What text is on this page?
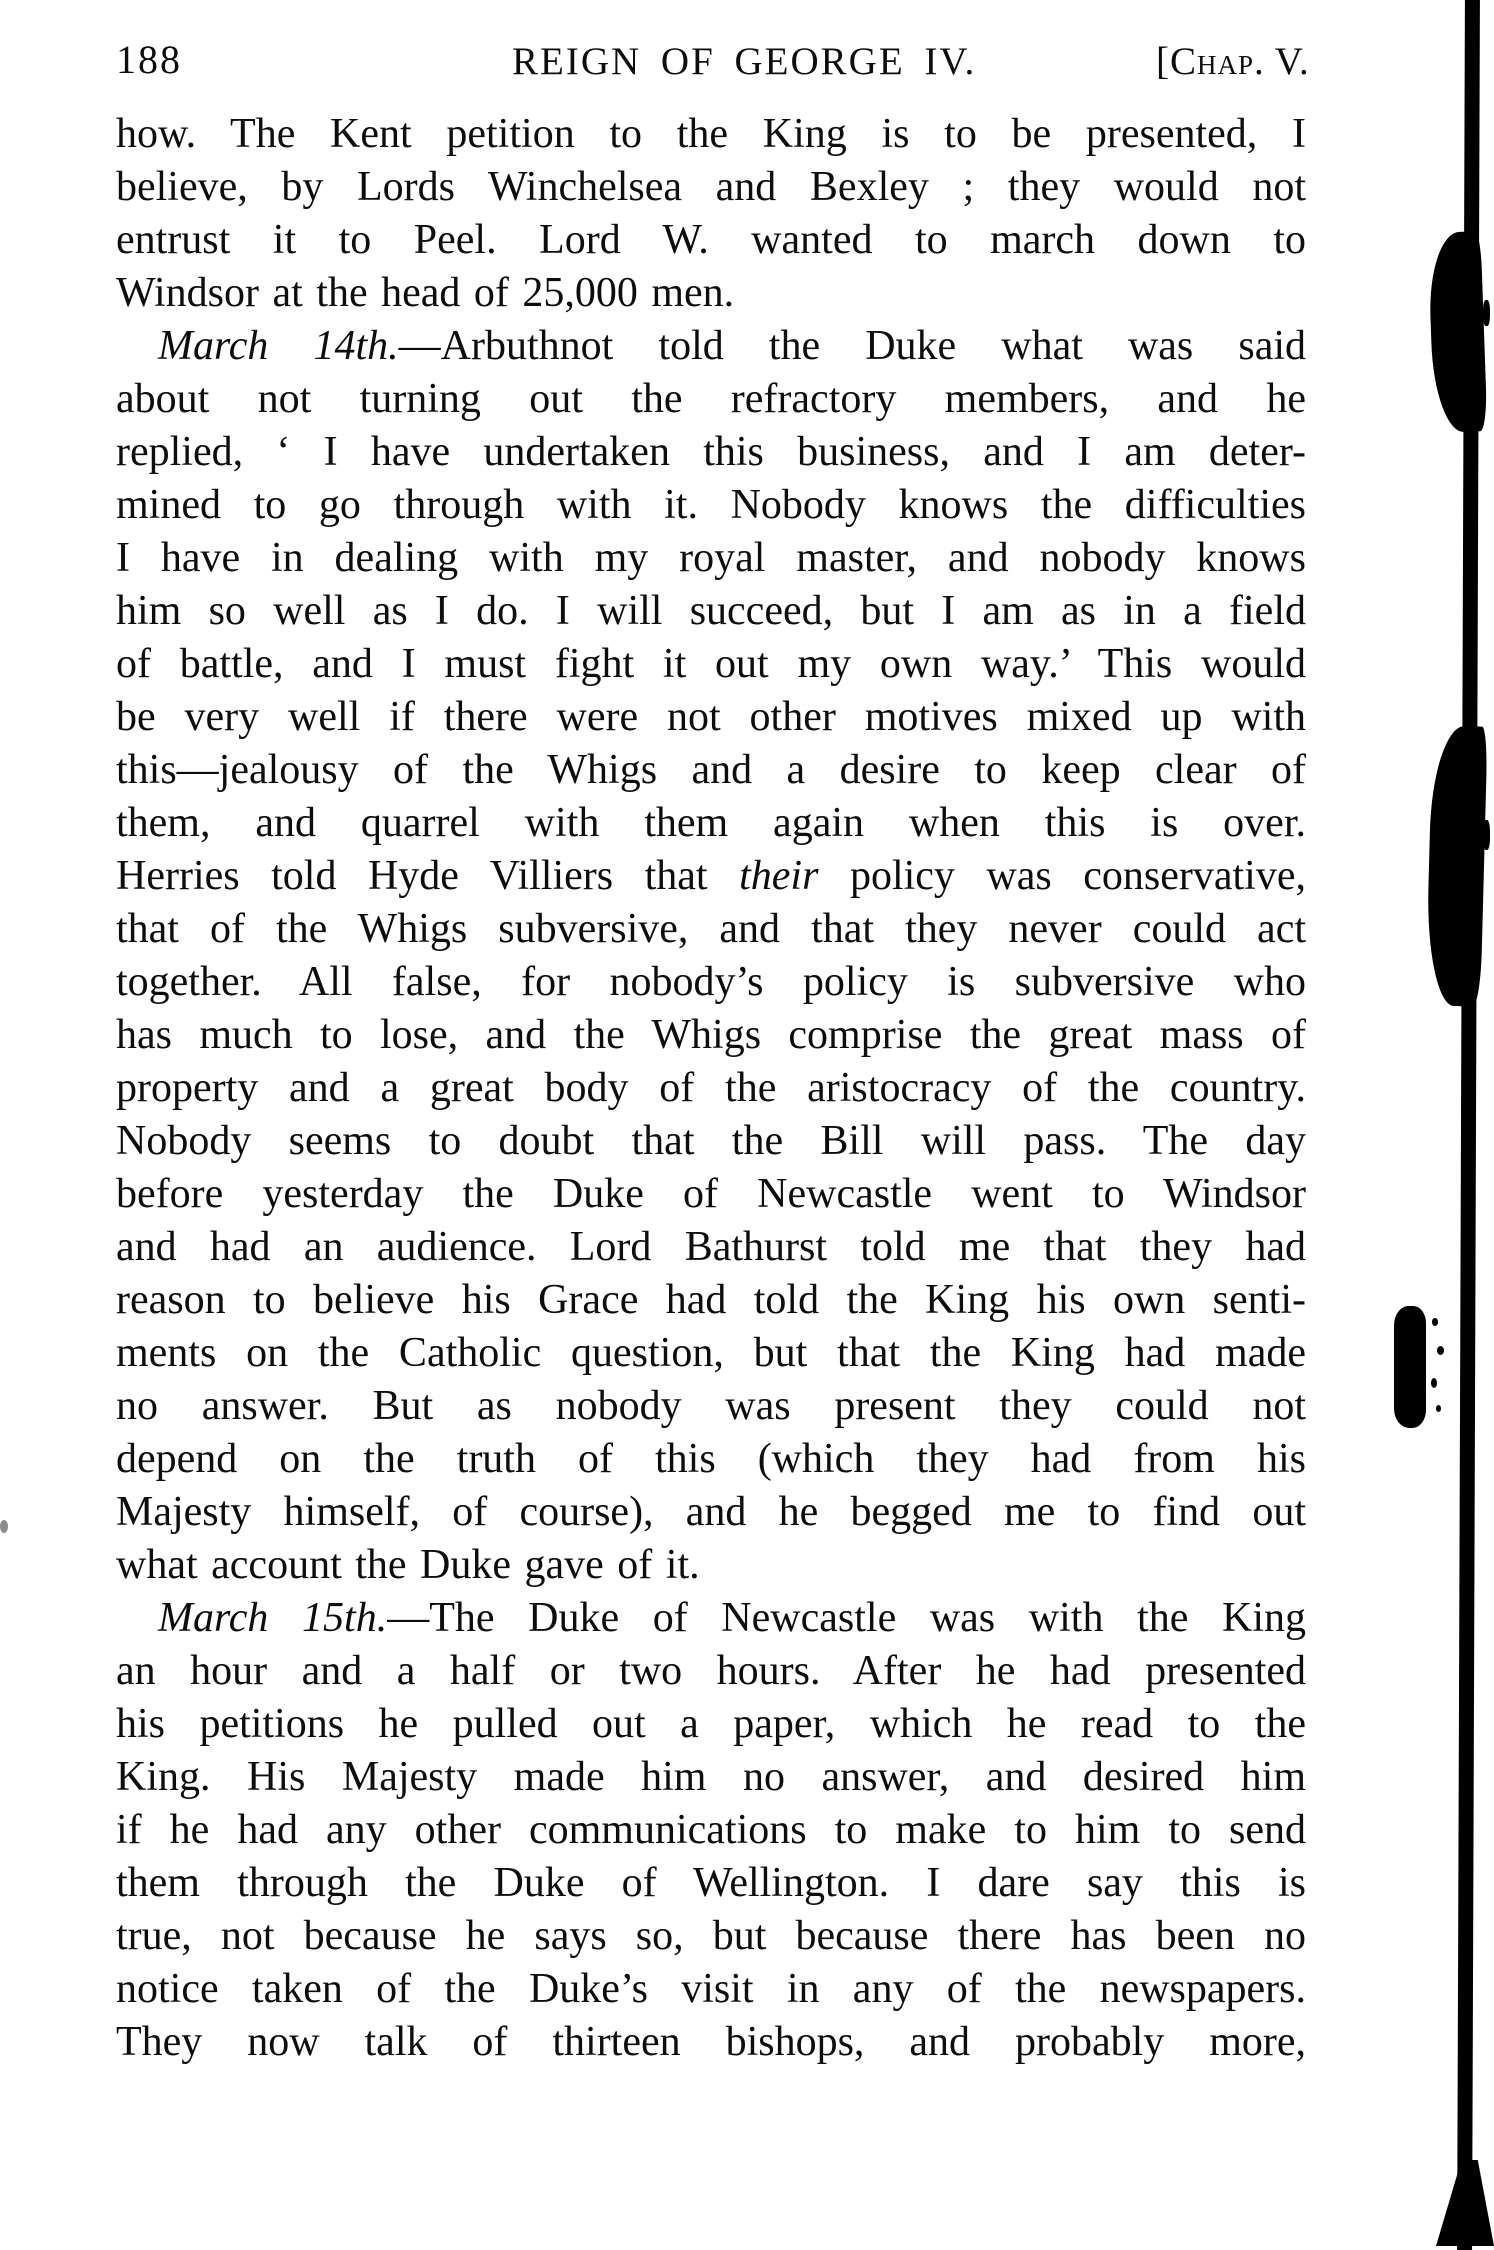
188	REIGN OF GEORGE IV.	[Chap. V.
how. The Kent petition to the King is to be presented, I
believe, by Lords Winchelsea and Bexley ; they would not
entrust it to Peel. Lord W. wanted to march down to
Windsor at the head of 25,000 men.
March 14th.—Arbuthnot told the Duke what was said
about not turning out the refractory members, and he
replied, ‘ I have undertaken this business, and I am deter-
mined to go through with it. Nobody knows the difficulties
I have in dealing with my royal master, and nobody knows
him so well as I do. I will succeed, but I am as in a field
of battle, and I must fight it out my own way.’ This would
be very well if there were not other motives mixed up with
this—jealousy of the Whigs and a desire to keep clear of
them, and quarrel with them again when this is over.
Herries told Hyde Villiers that their policy was conservative,
that of the Whigs subversive, and that they never could act
together. All false, for nobody’s policy is subversive who
has much to lose, and the Whigs comprise the great mass of
property and a great body of the aristocracy of the country.
Nobody seems to doubt that the Bill will pass. The day
before yesterday the Duke of Newcastle went to Windsor
and had an audience. Lord Bathurst told me that they had
reason to believe his Grace had told the King his own senti-
ments on the Catholic question, but that the King had made
no answer. But as nobody was present they could not
depend on the truth of this (which they had from his
Majesty himself, of course), and he begged me to find out
what account the Duke gave of it.
March 15th.—The Duke of Newcastle was with the King
an hour and a half or two hours. After he had presented
his petitions he pulled out a paper, which he read to the
King. His Majesty made him no answer, and desired him
if he had any other communications to make to him to send
them through the Duke of Wellington. I dare say this is
true, not because he says so, but because there has been no
notice taken of the Duke’s visit in any of the newspapers.
They now talk of thirteen bishops, and probably more,
